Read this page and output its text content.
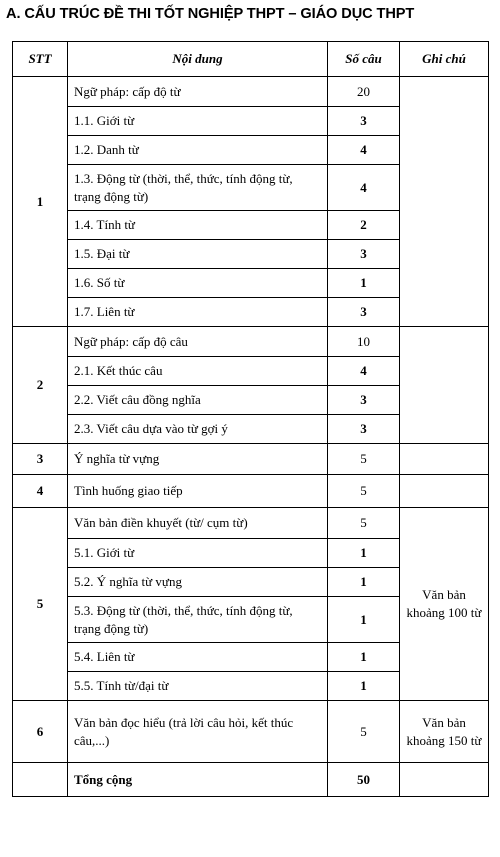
A. CẤU TRÚC ĐỀ THI TỐT NGHIỆP THPT – GIÁO DỤC THPT
STT	Nội dung	Số câu	Ghi chú
1	Ngữ pháp: cấp độ từ	20	
	1.1. Giới từ	3	
	1.2. Danh từ	4	
	1.3. Động từ (thời, thể, thức, tính động từ, trạng động từ)	4	
	1.4. Tính từ	2	
	1.5. Đại từ	3	
	1.6. Số từ	1	
	1.7. Liên từ	3	
2	Ngữ pháp: cấp độ câu	10	
	2.1. Kết thúc câu	4	
	2.2. Viết câu đồng nghĩa	3	
	2.3. Viết câu dựa vào từ gợi ý	3	
3	Ý nghĩa từ vựng	5	
4	Tình huống giao tiếp	5	
5	Văn bản điền khuyết (từ/ cụm từ)	5	Văn bản khoảng 100 từ
	5.1. Giới từ	1	
	5.2. Ý nghĩa từ vựng	1	
	5.3. Động từ (thời, thể, thức, tính động từ, trạng động từ)	1	
	5.4. Liên từ	1	
	5.5. Tính từ/đại từ	1	
6	Văn bản đọc hiểu (trả lời câu hỏi, kết thúc câu,...)	5	Văn bản khoảng 150 từ
	Tổng cộng	50	
